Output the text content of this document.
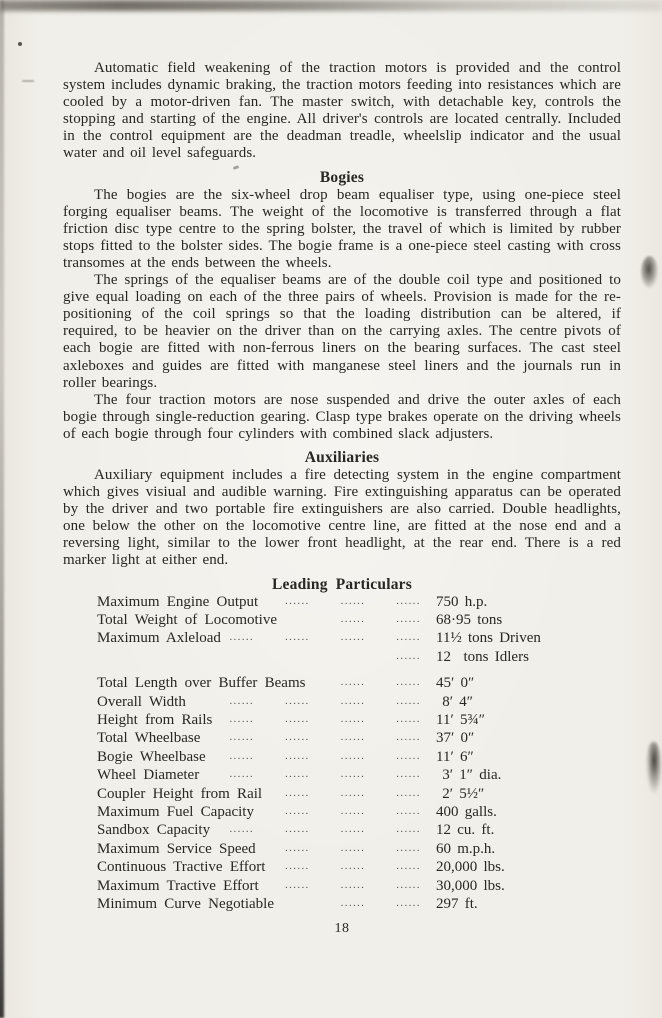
Automatic field weakening of the traction motors is provided and the control system includes dynamic braking, the traction motors feeding into resistances which are cooled by a motor-driven fan. The master switch, with detachable key, controls the stopping and starting of the engine. All driver's controls are located centrally. Included in the control equipment are the deadman treadle, wheelslip indicator and the usual water and oil level safeguards.

Bogies

The bogies are the six-wheel drop beam equaliser type, using one-piece steel forging equaliser beams. The weight of the locomotive is transferred through a flat friction disc type centre to the spring bolster, the travel of which is limited by rubber stops fitted to the bolster sides. The bogie frame is a one-piece steel casting with cross transomes at the ends between the wheels.

The springs of the equaliser beams are of the double coil type and positioned to give equal loading on each of the three pairs of wheels. Provision is made for the re-positioning of the coil springs so that the loading distribution can be altered, if required, to be heavier on the driver than on the carrying axles. The centre pivots of each bogie are fitted with non-ferrous liners on the bearing surfaces. The cast steel axleboxes and guides are fitted with manganese steel liners and the journals run in roller bearings.

The four traction motors are nose suspended and drive the outer axles of each bogie through single-reduction gearing. Clasp type brakes operate on the driving wheels of each bogie through four cylinders with combined slack adjusters.

Auxiliaries

Auxiliary equipment includes a fire detecting system in the engine compartment which gives visiual and audible warning. Fire extinguishing apparatus can be operated by the driver and two portable fire extinguishers are also carried. Double headlights, one below the other on the locomotive centre line, are fitted at the nose end and a reversing light, similar to the lower front headlight, at the rear end. There is a red marker light at either end.

Leading Particulars
Maximum Engine Output	......	......	...... 750 h.p.
Total Weight of Locomotive	......	...... 68·95 tons
Maximum Axleload ......	......	......	...... 11½ tons Driven
...... 12  tons Idlers
Total Length over Buffer Beams	......	...... 45′ 0″
Overall Width	......	......	......	...... 8′ 4″
Height from Rails ......	......	......	...... 11′ 5¾″
Total Wheelbase	......	......	......	...... 37′ 0″
Bogie Wheelbase ......	......	......	...... 11′ 6″
Wheel Diameter	......	......	......	...... 3′ 1″ dia.
Coupler Height from Rail ......	......	...... 2′ 5½″
Maximum Fuel Capacity	......	......	...... 400 galls.
Sandbox Capacity ......	......	......	...... 12 cu. ft.
Maximum Service Speed	......	......	...... 60 m.p.h.
Continuous Tractive Effort ......	......	...... 20,000 lbs.
Maximum Tractive Effort	......	......	...... 30,000 lbs.
Minimum Curve Negotiable	......	...... 297 ft.
18
